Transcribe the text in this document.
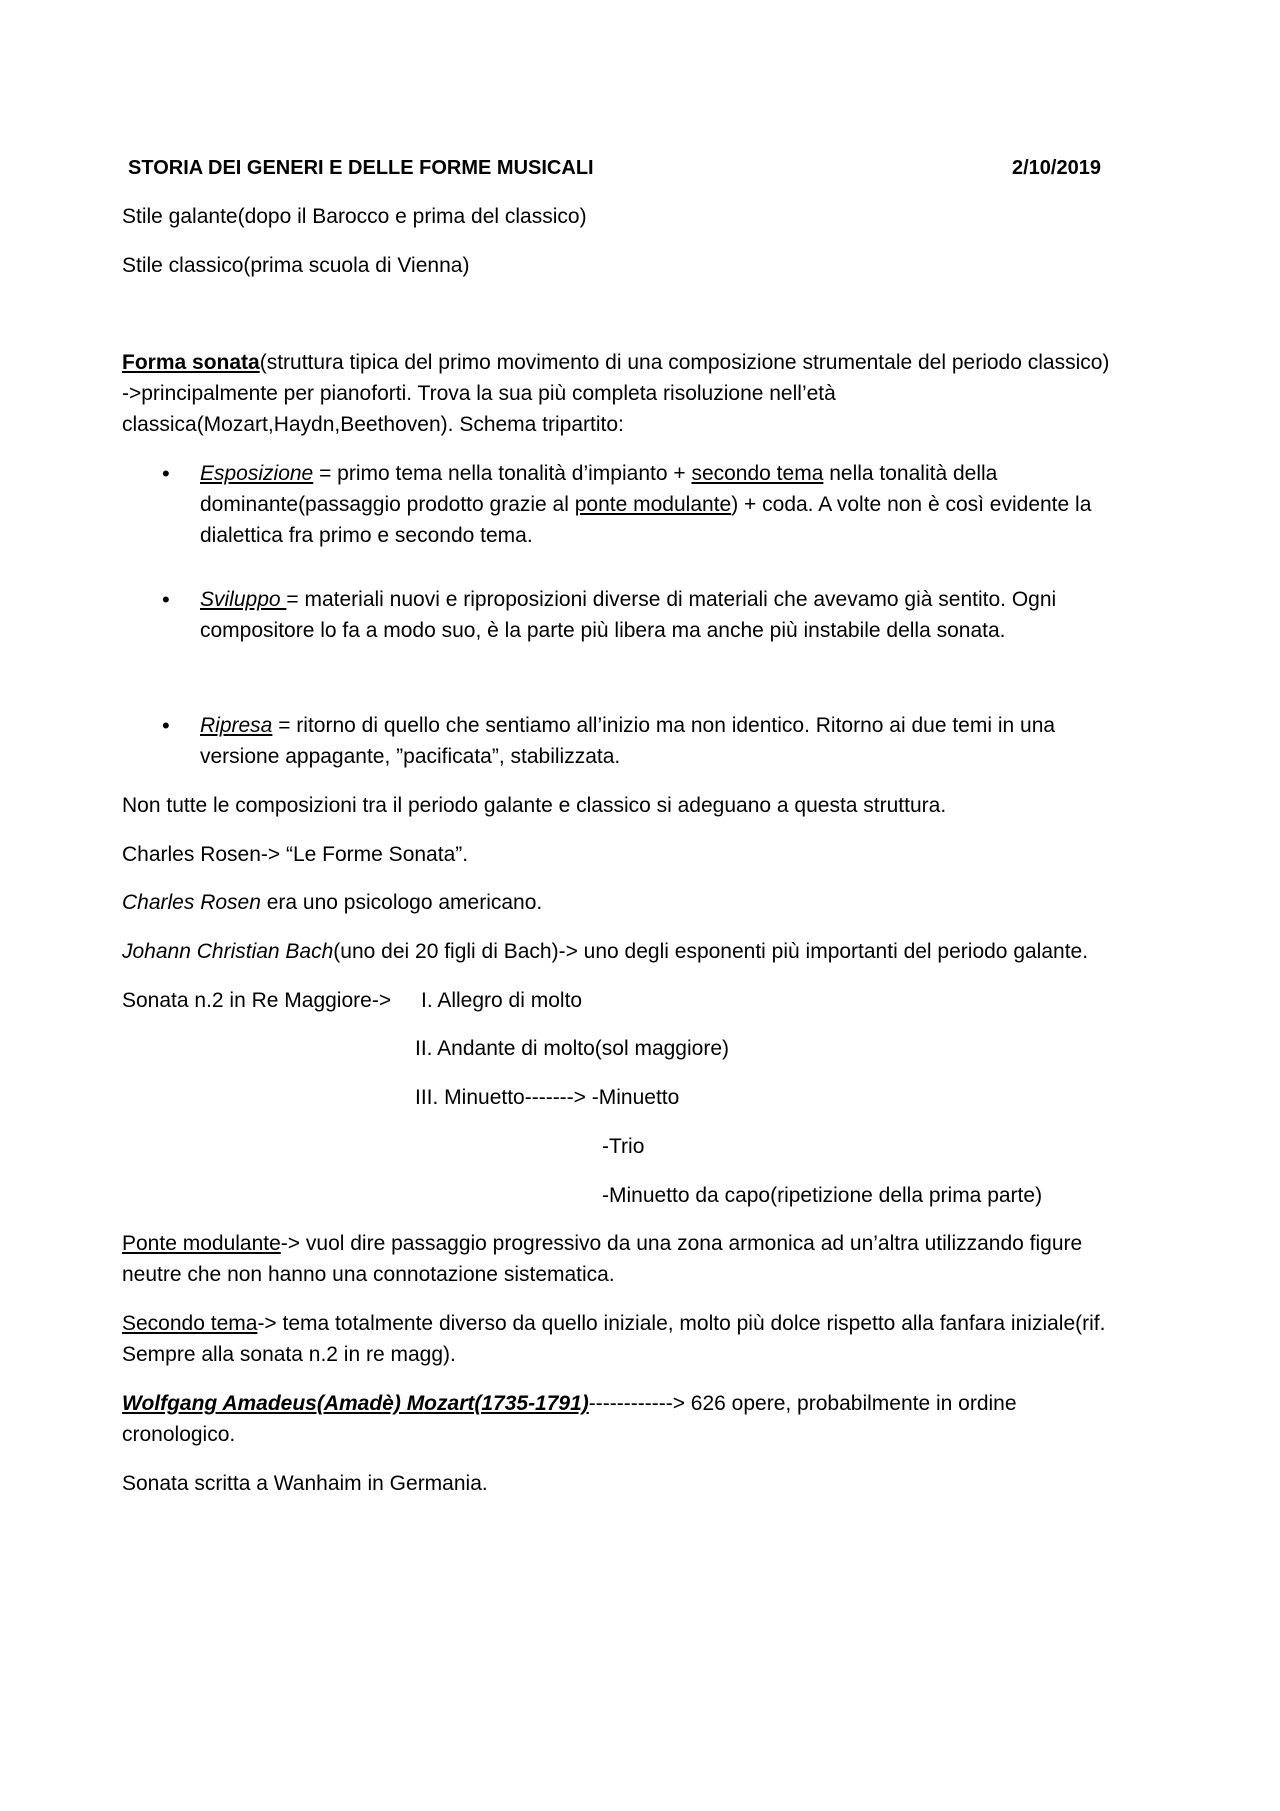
STORIA DEI GENERI E DELLE FORME MUSICALI	2/10/2019
Stile galante(dopo il Barocco e prima del classico)
Stile classico(prima scuola di Vienna)
Forma sonata(struttura tipica del primo movimento di una composizione strumentale del periodo classico)
->principalmente per pianoforti. Trova la sua più completa risoluzione nell’età
classica(Mozart,Haydn,Beethoven). Schema tripartito:
• Esposizione = primo tema nella tonalità d’impianto + secondo tema nella tonalità della
dominante(passaggio prodotto grazie al ponte modulante) + coda. A volte non è così evidente la
dialettica fra primo e secondo tema.
• Sviluppo = materiali nuovi e riproposizioni diverse di materiali che avevamo già sentito. Ogni
compositore lo fa a modo suo, è la parte più libera ma anche più instabile della sonata.
• Ripresa = ritorno di quello che sentiamo all’inizio ma non identico. Ritorno ai due temi in una
versione appagante, ”pacificata”, stabilizzata.
Non tutte le composizioni tra il periodo galante e classico si adeguano a questa struttura.
Charles Rosen-> “Le Forme Sonata”.
Charles Rosen era uno psicologo americano.
Johann Christian Bach(uno dei 20 figli di Bach)-> uno degli esponenti più importanti del periodo galante.
Sonata n.2 in Re Maggiore-> I. Allegro di molto
II. Andante di molto(sol maggiore)
III. Minuetto-------> -Minuetto
-Trio
-Minuetto da capo(ripetizione della prima parte)
Ponte modulante-> vuol dire passaggio progressivo da una zona armonica ad un’altra utilizzando figure
neutre che non hanno una connotazione sistematica.
Secondo tema-> tema totalmente diverso da quello iniziale, molto più dolce rispetto alla fanfara iniziale(rif.
Sempre alla sonata n.2 in re magg).
Wolfgang Amadeus(Amadè) Mozart(1735-1791)------------> 626 opere, probabilmente in ordine
cronologico.
Sonata scritta a Wanhaim in Germania.
